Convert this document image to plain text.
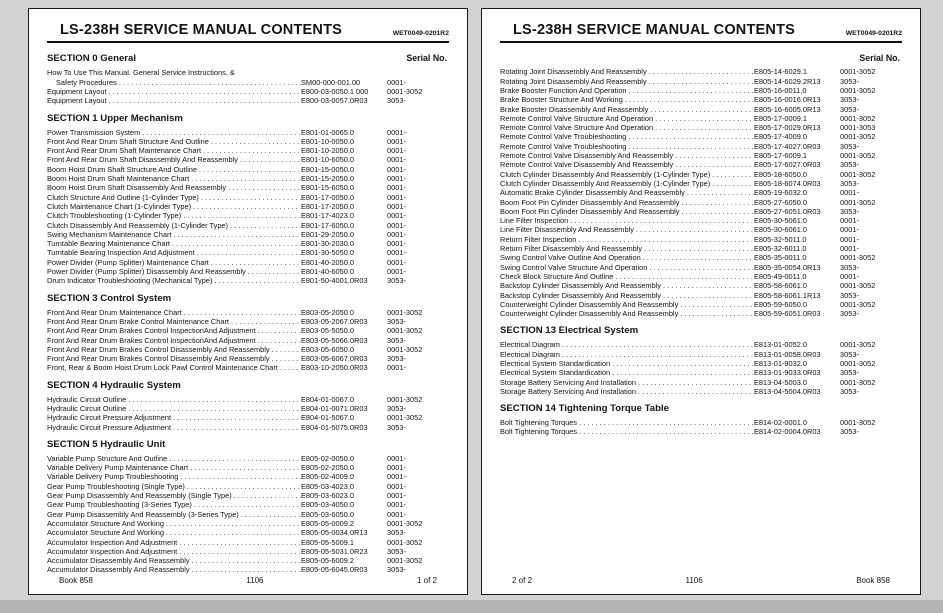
LS-238H SERVICE MANUAL CONTENTS	WET0049-0201R2
SECTION 0 General	Serial No.
How To Use This Manual, General Service Instructions, &
Safety Procedures . . .	SM00-000-001.00	0001-
Equipment Layout . . .	E800-03-0050.1 000	0001-3052
Equipment Layout . . .	E800-03-0057.0R03	3053-
SECTION 1 Upper Mechanism
Power Transmission System . . .	E801-01-0065.0	0001-
Front And Rear Drum Shaft Structure And Outline . . .	E801-10-0050.0	0001-
Front And Rear Drum Shaft Maintenance Chart . . .	E801-10-2050.0	0001-
Front And Rear Drum Shaft Disassembly And Reassembly . . .	E801-10-6050.0	0001-
Boom Hoist Drum Shaft Structure And Outline . . .	E801-15-0050.0	0001-
Boom Hoist Drum Shaft Maintenance Chart . . .	E801-15-2050.0	0001-
Boom Hoist Drum Shaft Disassembly And Reassembly . . .	E801-15-6050.0	0001-
Clutch Structure And Outline (1-Cylinder Type) . . .	E801-17-0050.0	0001-
Clutch Maintenance Chart (1-Cylinder Type) . . .	E801-17-2050.0	0001-
Clutch Troubleshooting (1-Cylinder Type) . . .	E801-17-4023.0	0001-
Clutch Disassembly And Reassembly (1-Cylinder Type) . . .	E801-17-6050.0	0001-
Swing Mechanism Maintenance Chart . . .	E801-29-2050.0	0001-
Turntable Bearing Maintenance Chart . . .	E801-30-2030.0	0001-
Turntable Bearing Inspection And Adjustment . . .	E801-30-5050.0	0001-
Power Divider (Pump Splitter) Maintenance Chart . . .	E801-40-2050.0	0001-
Power Divider (Pump Splitter) Disassembly And Reassembly . . .	E801-40-6050.0	0001-
Drum Indicator Troubleshooting (Mechanical Type) . . .	E801-50-4001.0R03	3053-
SECTION 3 Control System
Front And Rear Drum Maintenance Chart . . .	E803-05-2050.0	0001-3052
Front And Rear Drum Brake Control Maintenance Chart . . .	E803-05-2067.0R03	3053-
Front And Rear Drum Brakes Control InspectionAnd Adjustment . . .	E803-05-5050.0	0001-3052
Front And Rear Drum Brakes Control InspectionAnd Adjustment . . .	E803-05-5066.0R03	3053-
Front And Rear Drum Brakes Control Disassembly And Reassembly . . .	E803-05-6050.0	0001-3052
Front And Rear Drum Brakes Control Disassembly And Reassembly . . .	E803-05-6067.0R03	3053-
Front, Rear & Boom Hoist Drum Lock Pawl Control Maintenance Chart . . .	E803-10-2050.0R03	0001-
SECTION 4 Hydraulic System
Hydraulic Circuit Outline . . .	E804-01-0067.0	0001-3052
Hydraulic Circuit Outline . . .	E804-01-0071.0R03	3053-
Hydraulic Circuit Pressure Adjustment . . .	E804-01-5067.0	0001-3052
Hydraulic Circuit Pressure Adjustment . . .	E804-01-5075.0R03	3053-
SECTION 5 Hydraulic Unit
Variable Pump Structure And Outline . . .	E805-02-0050.0	0001-
Variable Delivery Pump Maintenance Chart . . .	E805-02-2050.0	0001-
Variable Delivery Pump Troubleshooting . . .	E805-02-4009.0	0001-
Gear Pump Troubleshooting (Single Type) . . .	E805-03-4023.0	0001-
Gear Pump Disassembly And Reassembly (Single Type) . . .	E805-03-6023.0	0001-
Gear Pump Troubleshooting (3-Series Type) . . .	E805-03-4050.0	0001-
Gear Pump Disassembly And Reassembly (3-Series Type) . . .	E805-03-6050.0	0001-
Accumulator Structure And Working . . .	E805-05-0009.2	0001-3052
Accumulator Structure And Working . . .	E805-05-0034.0R13	3053-
Accumulator Inspection And Adjustment . . .	E805-05-5009.1	0001-3052
Accumulator Inspection And Adjustment . . .	E805-05-5031.0R23	3053-
Accumulator Disassembly And Reassembly . . .	E805-05-6009.2	0001-3052
Accumulator Disassembly And Reassembly . . .	E805-05-6045.0R03	3053-
Book 858	1106	1 of 2
LS-238H SERVICE MANUAL CONTENTS	WET0049-0201R2
Serial No.
Rotating Joint Disassembly And Reassembly . . .	E805-14-6029.1	0001-3052
Rotating Joint Disassembly And Reassembly . . .	E805-14-6029.2R13	3053-
Brake Booster Function And Operation . . .	E805-16-0011.0	0001-3052
Brake Booster Structure And Working . . .	E805-16-0016.0R13	3053-
Brake Booster Disassembly And Reassembly . . .	E805-16-6005.0R13	3053-
Remote Control Valve Structure And Operation . . .	E805-17-0009.1	0001-3052
Remote Control Valve Structure And Operation . . .	E805-17-0029.0R13	0001-3053
Remote Control Valve Troubleshooting . . .	E805-17-4009.0	0001-3052
Remote Control Valve Troubleshooting . . .	E805-17-4027.0R03	3053-
Remote Control Valve Disassembly And Reassembly . . .	E805-17-6009.1	0001-3052
Remote Control Valve Disassembly And Reassembly . . .	E805-17-6027.0R03	3053-
Clutch Cylinder Disassembly And Reassembly (1-Cylinder Type) . . .	E805-18-6050.0	0001-3052
Clutch Cylinder Disassembly And Reassembly (1-Cylinder Type) . . .	E805-18-6074.0R03	3053-
Automatic Brake Cylinder Disassembly And Reassembly . . .	E805-19-6032.0	0001-
Boom Foot Pin Cylinder Disassembly And Reassembly . . .	E805-27-6050.0	0001-3052
Boom Foot Pin Cylinder Disassembly And Reassembly . . .	E805-27-6051.0R03	3053-
Line Filter Inspection . . .	E805-30-5061.0	0001-
Line Filter Disassembly And Reassembly . . .	E805-30-6061.0	0001-
Return Filter Inspection . . .	E805-32-5011.0	0001-
Return Filter Disassembly And Reassembly . . .	E805-32-6011.0	0001-
Swing Control Valve Outline And Operation . . .	E805-35-0011.0	0001-3052
Swing Control Valve Structure And Operation . . .	E805-35-0054.0R13	3053-
Check Block Structure And Outline . . .	E805-49-0011.0	0001-
Backstop Cylinder Disassembly And Reassembly . . .	E805-58-6061.0	0001-3052
Backstop Cylinder Disassembly And Reassembly . . .	E805-58-6061.1R13	3053-
Counterweight Cylinder Disassembly And Reassembly . . .	E805-59-6050.0	0001-3052
Counterweight Cylinder Disassembly And Reassembly . . .	E805-59-6051.0R03	3053-
SECTION 13 Electrical System
Electrical Diagram . . .	E813-01-0052.0	0001-3052
Electrical Diagram . . .	E813-01-0058.0R03	3053-
Electrical System Standardication . . .	E813-01-9032.0	0001-3052
Electrical System Standardication . . .	E813-01-9033.0R03	3053-
Storage Battery Servicing And Installation . . .	E813-04-5003.0	0001-3052
Storage Battery Servicing And Installation . . .	E813-04-5004.0R03	3053-
SECTION 14 Tightening Torque Table
Bolt Tightening Torques . . .	E814-02-0001.0	0001-3052
Bolt Tightening Torques . . .	E814-02-0004.0R03	3053-
2 of 2	1106	Book 858
